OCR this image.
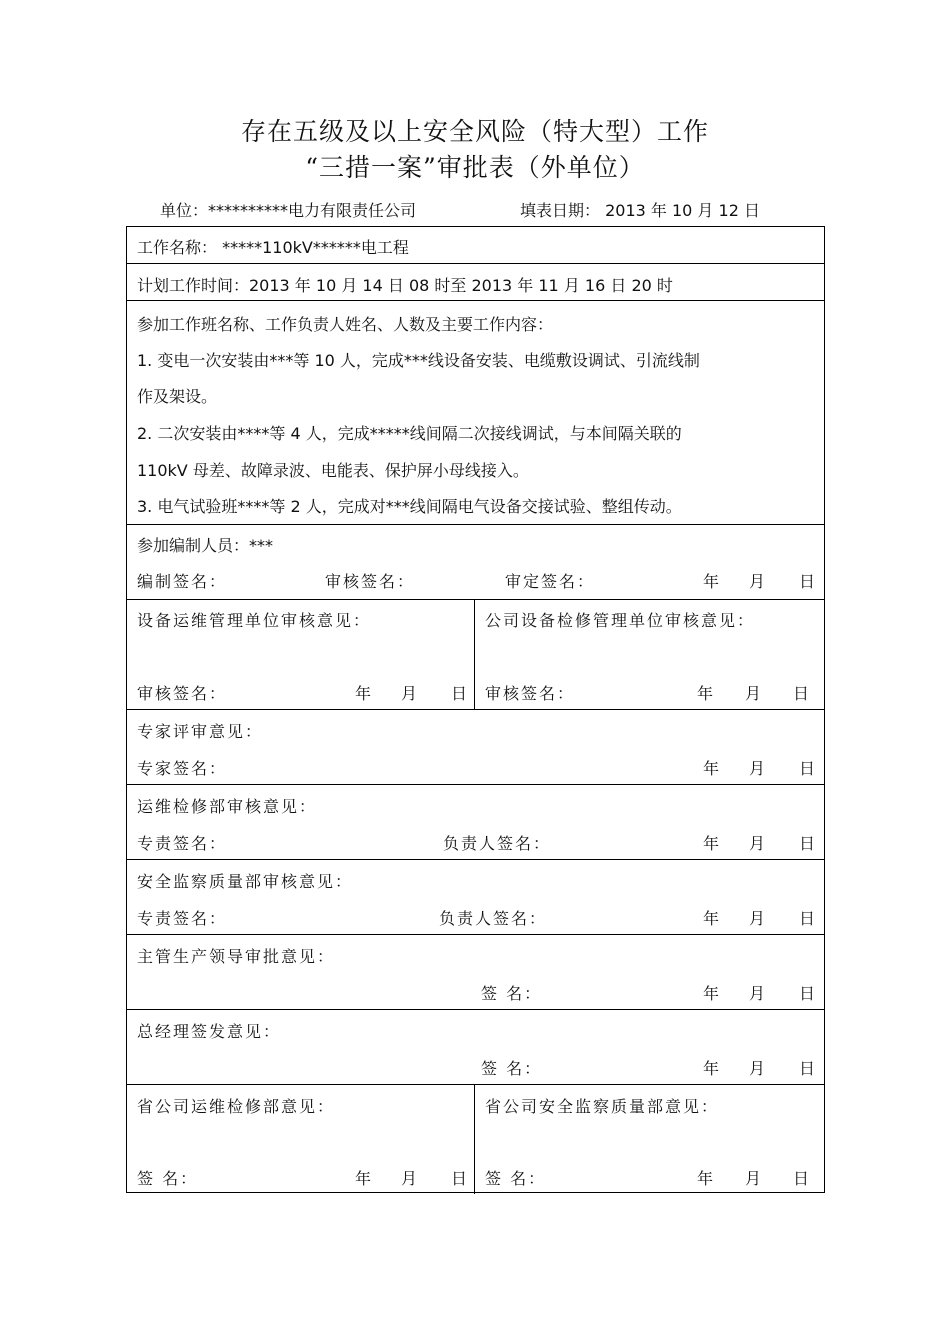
存在五级及以上安全风险（特大型）工作
“三措一案”审批表（外单位）
单位：**********电力有限责任公司	填表日期： 2013 年 10 月 12 日
工作名称： *****110kV******电工程
计划工作时间：2013 年 10 月 14 日 08 时至 2013 年 11 月 16 日 20 时
参加工作班名称、工作负责人姓名、人数及主要工作内容：
1. 变电一次安装由***等 10 人，完成***线设备安装、电缆敷设调试、引流线制
作及架设。
2. 二次安装由****等 4 人，完成*****线间隔二次接线调试，与本间隔关联的
110kV 母差、故障录波、电能表、保护屏小母线接入。
3. 电气试验班****等 2 人，完成对***线间隔电气设备交接试验、整组传动。
参加编制人员：***
编制签名：	审核签名：	审定签名：	年 月 日
设备运维管理单位审核意见：	公司设备检修管理单位审核意见：
审核签名：	年 月 日 审核签名：	年 月 日
专家评审意见：
专家签名：	年 月 日
运维检修部审核意见：
专责签名：	负责人签名：	年 月 日
安全监察质量部审核意见：
专责签名：	负责人签名：	年 月 日
主管生产领导审批意见：
签 名：	年 月 日
总经理签发意见：
签 名：	年 月 日
省公司运维检修部意见：	省公司安全监察质量部意见：
签 名：	年 月 日 签 名：	年 月 日
